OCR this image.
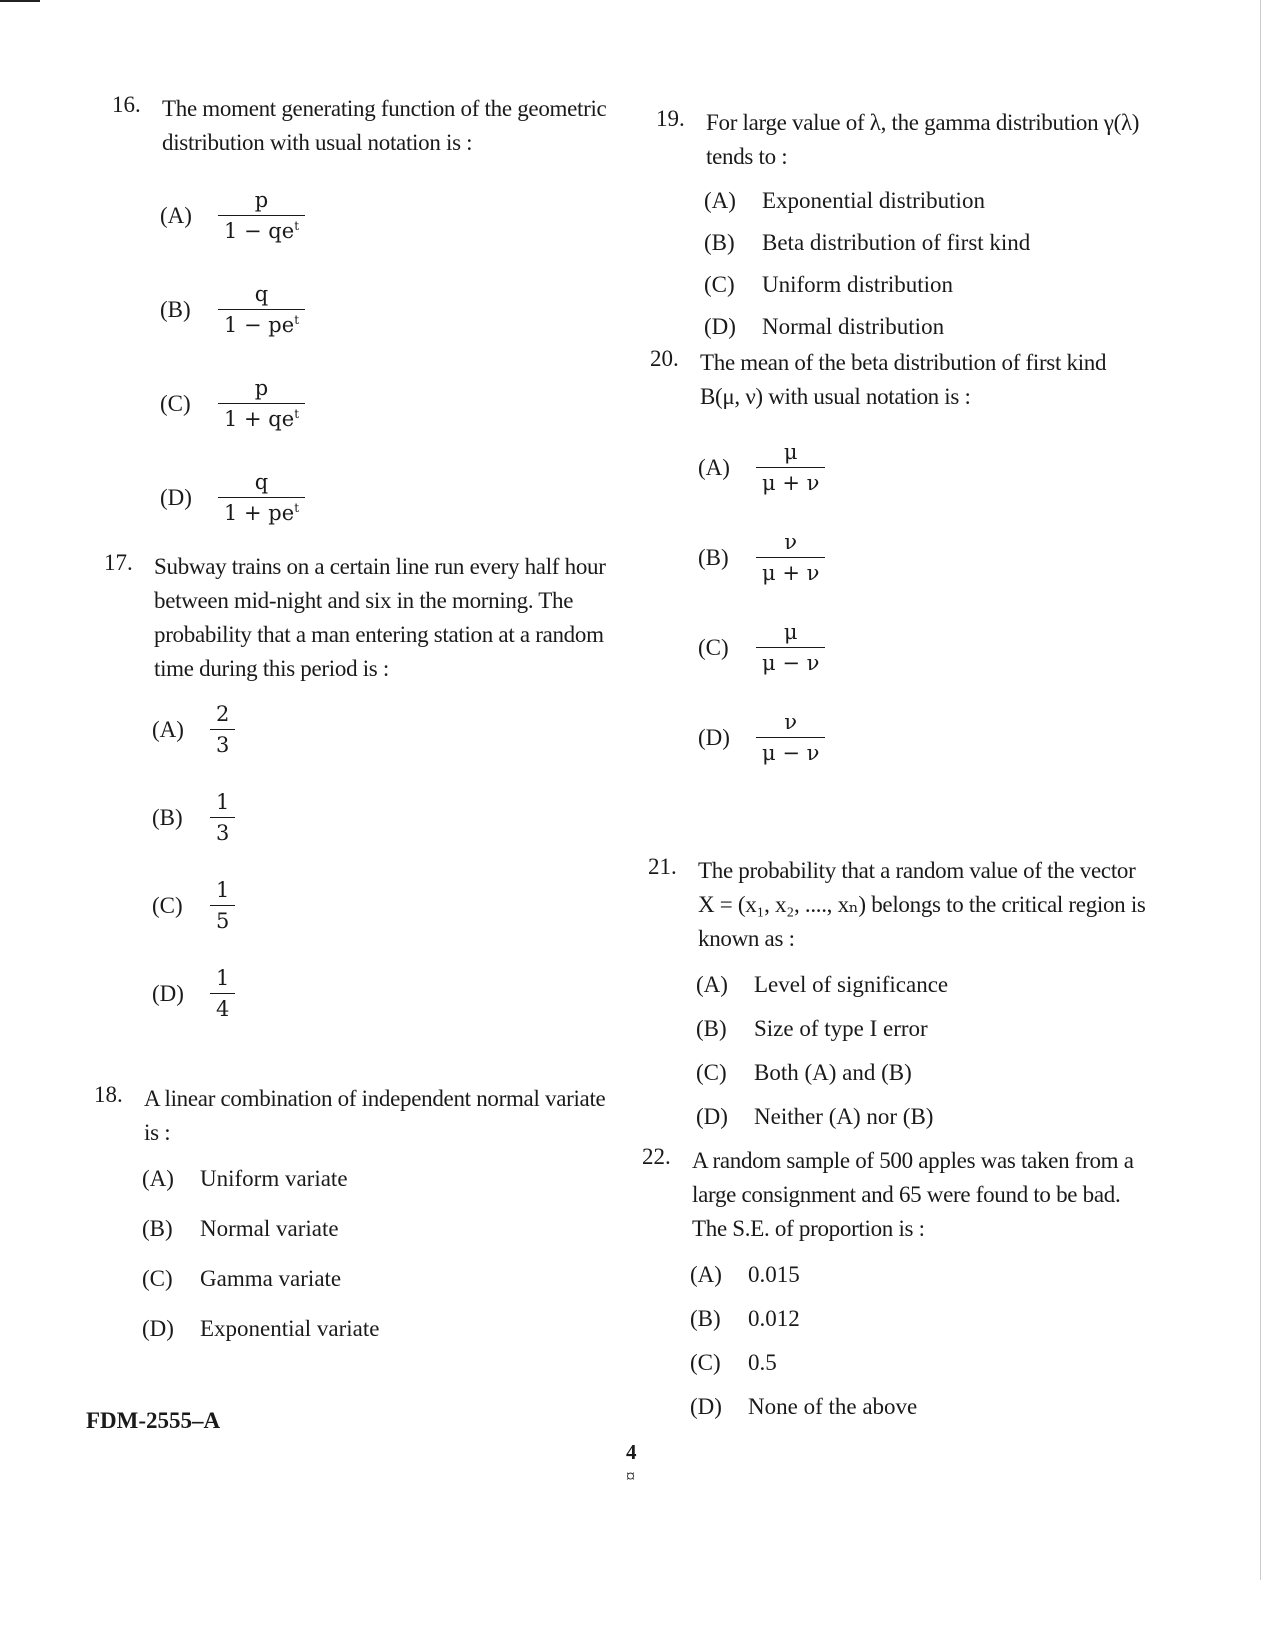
16. The moment generating function of the geometric
distribution with usual notation is :
(A)	$\frac{p}{1 - qe^t}$
(B)	$\frac{q}{1 - pe^t}$
(C)	$\frac{p}{1 + qe^t}$
(D)	$\frac{q}{1 + pe^t}$
17. Subway trains on a certain line run every half hour
between mid-night and six in the morning. The
probability that a man entering station at a random
time during this period is :
(A)	$\frac{2}{3}$
(B)	$\frac{1}{3}$
(C)	$\frac{1}{5}$
(D)	$\frac{1}{4}$
18. A linear combination of independent normal variate
is :
(A)	Uniform variate
(B)	Normal variate
(C)	Gamma variate
(D)	Exponential variate
19. For large value of λ, the gamma distribution γ(λ)
tends to :
(A)	Exponential distribution
(B)	Beta distribution of first kind
(C)	Uniform distribution
(D)	Normal distribution
20. The mean of the beta distribution of first kind
B(μ, ν) with usual notation is :
(A)	$\frac{\mu}{\mu + \nu}$
(B)	$\frac{\nu}{\mu + \nu}$
(C)	$\frac{\mu}{\mu - \nu}$
(D)	$\frac{\nu}{\mu - \nu}$
21. The probability that a random value of the vector
X = (x₁, x₂, ...., xₙ) belongs to the critical region is
known as :
(A)	Level of significance
(B)	Size of type I error
(C)	Both (A) and (B)
(D)	Neither (A) nor (B)
22. A random sample of 500 apples was taken from a
large consignment and 65 were found to be bad.
The S.E. of proportion is :
(A)	0.015
(B)	0.012
(C)	0.5
(D)	None of the above
FDM-2555–A
4
¤
